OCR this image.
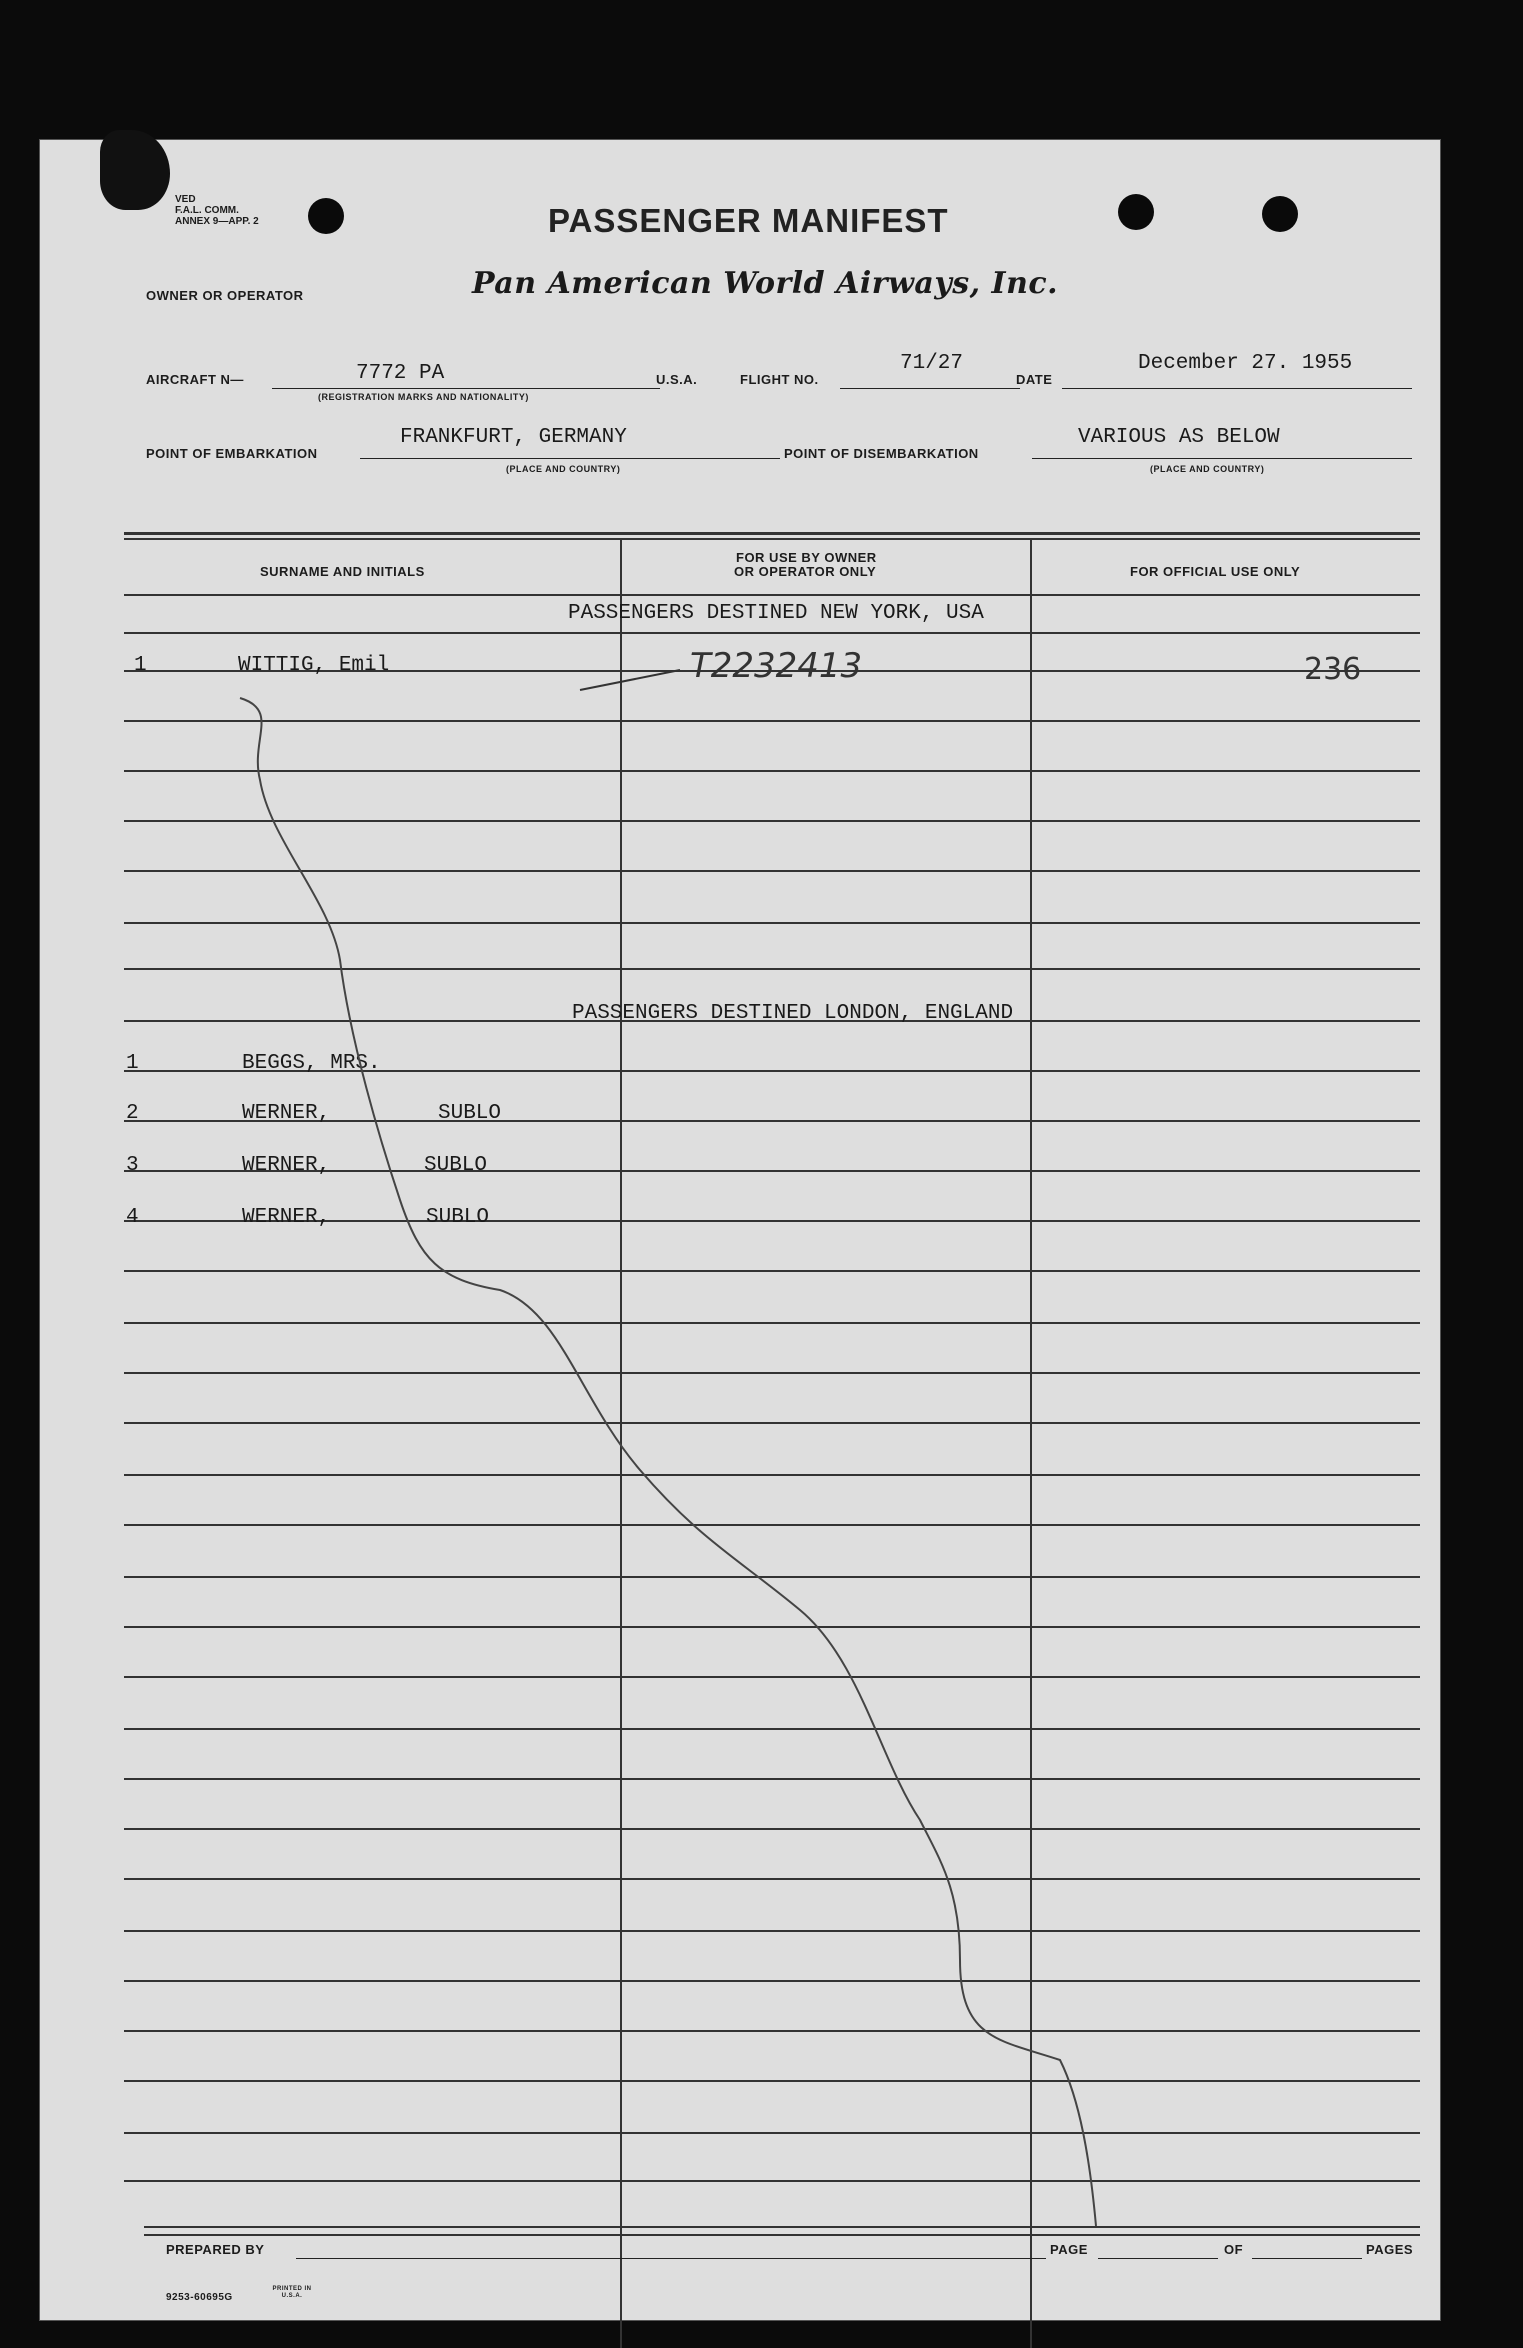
VED
F.A.L. COMM.
ANNEX 9—APP. 2	PASSENGER MANIFEST
OWNER OR OPERATOR	Pan American World Airways, Inc.
AIRCRAFT N—	7772 PA
(REGISTRATION MARKS AND NATIONALITY)
U.S.A.	FLIGHT NO.
71/27
DATE
December 27. 1955
POINT OF EMBARKATION
FRANKFURT, GERMANY
(PLACE AND COUNTRY)
POINT OF DISEMBARKATION
VARIOUS AS BELOW
(PLACE AND COUNTRY)
SURNAME AND INITIALS
FOR USE BY OWNER
OR OPERATOR ONLY	FOR OFFICIAL USE ONLY
PASSENGERS DESTINED NEW YORK, USA
1	WITTIG, Emil	T2232413	236
PASSENGERS DESTINED LONDON, ENGLAND
1	BEGGS, MRS.
2	WERNER,	SUBLO
3	WERNER,	SUBLO
4	WERNER,	SUBLO
PREPARED BY	PAGE	OF	PAGES
9253-60695G
PRINTED IN U.S.A.
